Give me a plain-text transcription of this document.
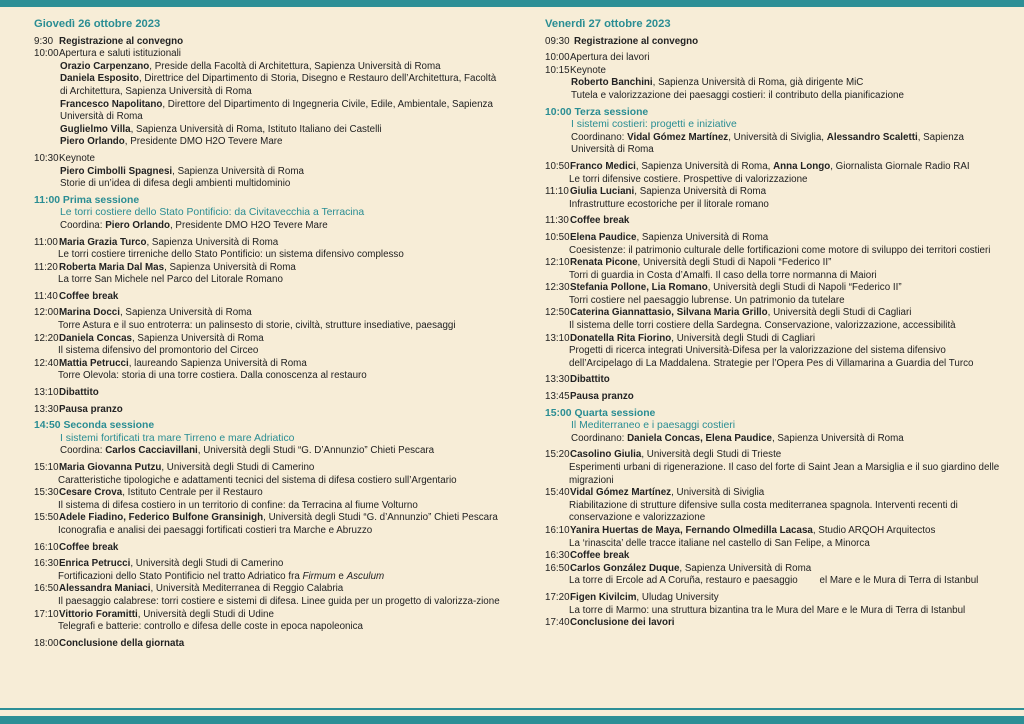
Giovedì 26 ottobre 2023
9:30 Registrazione al convegno
10:00 Apertura e saluti istituzionali
Orazio Carpenzano, Preside della Facoltà di Architettura, Sapienza Università di Roma
Daniela Esposito, Direttrice del Dipartimento di Storia, Disegno e Restauro dell’Architettura, Facoltà di Architettura, Sapienza Università di Roma
Francesco Napolitano, Direttore del Dipartimento di Ingegneria Civile, Edile, Ambientale, Sapienza Università di Roma
Guglielmo Villa, Sapienza Università di Roma, Istituto Italiano dei Castelli
Piero Orlando, Presidente DMO H2O Tevere Mare
10:30 Keynote
Piero Cimbolli Spagnesi, Sapienza Università di Roma
Storie di un’idea di difesa degli ambienti multidominio
11:00 Prima sessione
Le torri costiere dello Stato Pontificio: da Civitavecchia a Terracina
Coordina: Piero Orlando, Presidente DMO H2O Tevere Mare
11:00 Maria Grazia Turco, Sapienza Università di Roma
Le torri costiere tirreniche dello Stato Pontificio: un sistema difensivo complesso
11:20 Roberta Maria Dal Mas, Sapienza Università di Roma
La torre San Michele nel Parco del Litorale Romano
11:40 Coffee break
12:00 Marina Docci, Sapienza Università di Roma
Torre Astura e il suo entroterra: un palinsesto di storie, civiltà, strutture insediative, paesaggi
12:20 Daniela Concas, Sapienza Università di Roma
Il sistema difensivo del promontorio del Circeo
12:40 Mattia Petrucci, laureando Sapienza Università di Roma
Torre Olevola: storia di una torre costiera. Dalla conoscenza al restauro
13:10 Dibattito
13:30 Pausa pranzo
14:50 Seconda sessione
I sistemi fortificati tra mare Tirreno e mare Adriatico
Coordina: Carlos Cacciavillani, Università degli Studi “G. D’Annunzio” Chieti Pescara
15:10 Maria Giovanna Putzu, Università degli Studi di Camerino
Caratteristiche tipologiche e adattamenti tecnici del sistema di difesa costiero sull’Argentario
15:30 Cesare Crova, Istituto Centrale per il Restauro
Il sistema di difesa costiero in un territorio di confine: da Terracina al fiume Volturno
15:50 Adele Fiadino, Federico Bulfone Gransinigh, Università degli Studi “G. d’Annunzio” Chieti Pescara
Iconografia e analisi dei paesaggi fortificati costieri tra Marche e Abruzzo
16:10 Coffee break
16:30 Enrica Petrucci, Università degli Studi di Camerino
Fortificazioni dello Stato Pontificio nel tratto Adriatico fra Firmum e Asculum
16:50 Alessandra Maniaci, Università Mediterranea di Reggio Calabria
Il paesaggio calabrese: torri costiere e sistemi di difesa. Linee guida per un progetto di valorizza-zione
17:10 Vittorio Foramitti, Università degli Studi di Udine
Telegrafi e batterie: controllo e difesa delle coste in epoca napoleonica
18:00 Conclusione della giornata
Venerdì 27 ottobre 2023
09:30 Registrazione al convegno
10:00 Apertura dei lavori
10:15 Keynote
Roberto Banchini, Sapienza Università di Roma, già dirigente MiC
Tutela e valorizzazione dei paesaggi costieri: il contributo della pianificazione
10:00 Terza sessione
I sistemi costieri: progetti e iniziative
Coordinano: Vidal Gómez Martínez, Università di Siviglia, Alessandro Scaletti, Sapienza Università di Roma
10:50 Franco Medici, Sapienza Università di Roma, Anna Longo, Giornalista Giornale Radio RAI
Le torri difensive costiere. Prospettive di valorizzazione
11:10 Giulia Luciani, Sapienza Università di Roma
Infrastrutture ecostoriche per il litorale romano
11:30 Coffee break
10:50 Elena Paudice, Sapienza Università di Roma
Coesistenze: il patrimonio culturale delle fortificazioni come motore di sviluppo dei territori costieri
12:10 Renata Picone, Università degli Studi di Napoli “Federico II”
Torri di guardia in Costa d’Amalfi. Il caso della torre normanna di Maiori
12:30 Stefania Pollone, Lia Romano, Università degli Studi di Napoli “Federico II”
Torri costiere nel paesaggio lubrense. Un patrimonio da tutelare
12:50 Caterina Giannattasio, Silvana Maria Grillo, Università degli Studi di Cagliari
Il sistema delle torri costiere della Sardegna. Conservazione, valorizzazione, accessibilità
13:10 Donatella Rita Fiorino, Università degli Studi di Cagliari
Progetti di ricerca integrati Università-Difesa per la valorizzazione del sistema difensivo dell’Arcipelago di La Maddalena. Strategie per l’Opera Pes di Villamarina a Guardia del Turco
13:30 Dibattito
13:45 Pausa pranzo
15:00 Quarta sessione
Il Mediterraneo e i paesaggi costieri
Coordinano: Daniela Concas, Elena Paudice, Sapienza Università di Roma
15:20 Casolino Giulia, Università degli Studi di Trieste
Esperimenti urbani di rigenerazione. Il caso del forte di Saint Jean a Marsiglia e il suo giardino delle migrazioni
15:40 Vidal Gómez Martínez, Università di Siviglia
Riabilitazione di strutture difensive sulla costa mediterranea spagnola. Interventi recenti di conservazione e valorizzazione
16:10 Yanira Huertas de Maya, Fernando Olmedilla Lacasa, Studio ARQOH Arquitectos
La ‘rinascita’ delle tracce italiane nel castello di San Felipe, a Minorca
16:30 Coffee break
16:50 Carlos González Duque, Sapienza Università di Roma
La torre di Ercole ad A Coruña, restauro e paesaggio        el Mare e le Mura di Terra di Istanbul
17:20 Figen Kivilcim, Uludag University
La torre di Marmo: una struttura bizantina tra le Mura del Mare e le Mura di Terra di Istanbul
17:40 Conclusione dei lavori
